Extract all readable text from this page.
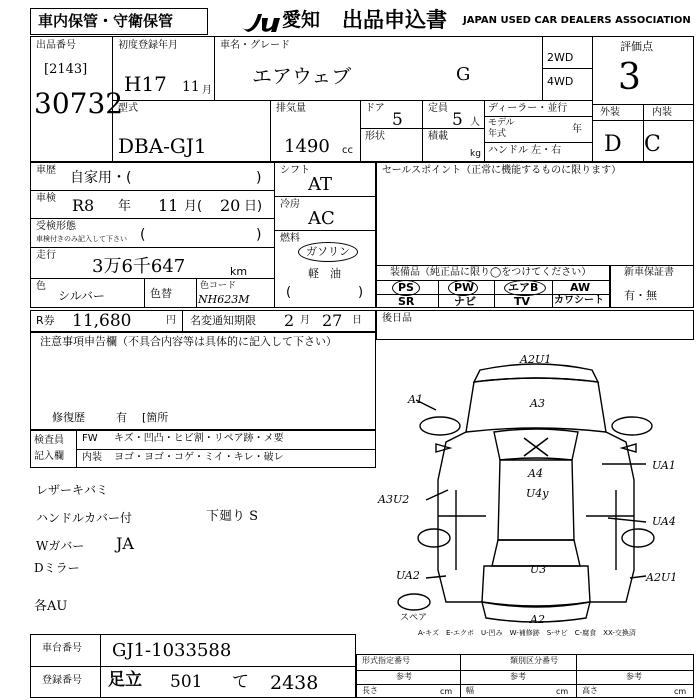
車内保管・守衛保管	愛知 出品申込書 JAPAN USED CAR DEALERS ASSOCIATION
出品番号
[2143]
30732
初度登録年月
H17 11 月
車名・グレード
エアウェブ	G
2WD
4WD
評価点
3
外装	内装
D C
型式
DBA-GJ1
排気量
1490 cc
ドア
5
定員
5 人
形状	積載
kg
ディーラー・並行
モデル
年式	年
ハンドル 左・右
車歴 自家用・(	)
車検 R8 年 11 月( 20 日)
受検形態
車検付きのみ記入して下さい (	)
走行
3万6千647	km
色
シルバー	色替
色コード
NH623M
シフト
AT
冷房
AC
燃料
ガソリン
軽　油
(	)
セールスポイント（正常に機能するものに限ります）
装備品（純正品に限り◯をつけてください）
PS	PW	エアB	AW
SR	ナビ	TV カワシート
新車保証書
有・無
R券 11,680	円 名変通知期限 2 月 27 日 後日品
注意事項申告欄（不具合内容等は具体的に記入して下さい）
修復歴	有 [箇所
検査員
記入欄
FW キズ・凹凸・ヒビ割・リペア跡・メ要
内装 ヨゴ・ヨゴ・コゲ・ミイ・キレ・破レ
レザーキバミ
ハンドルカバー付	下廻り S
Wガバー JA
Dミラー
各AU
A2U1
A1	A3
A4
U4y
A3U2
UA1
UA4
UA2	U3
A2U1
A2
スペア
A-キズ　E-エクボ　U-凹み　W-補修跡　S-サビ　C-腐食　XX-交換済
車台番号 GJ1-1033588
登録番号 足立 501 て 2438
形式指定番号	類別区分番号
参考	参考	参考
長さ	cm 幅	cm 高さ	cm
